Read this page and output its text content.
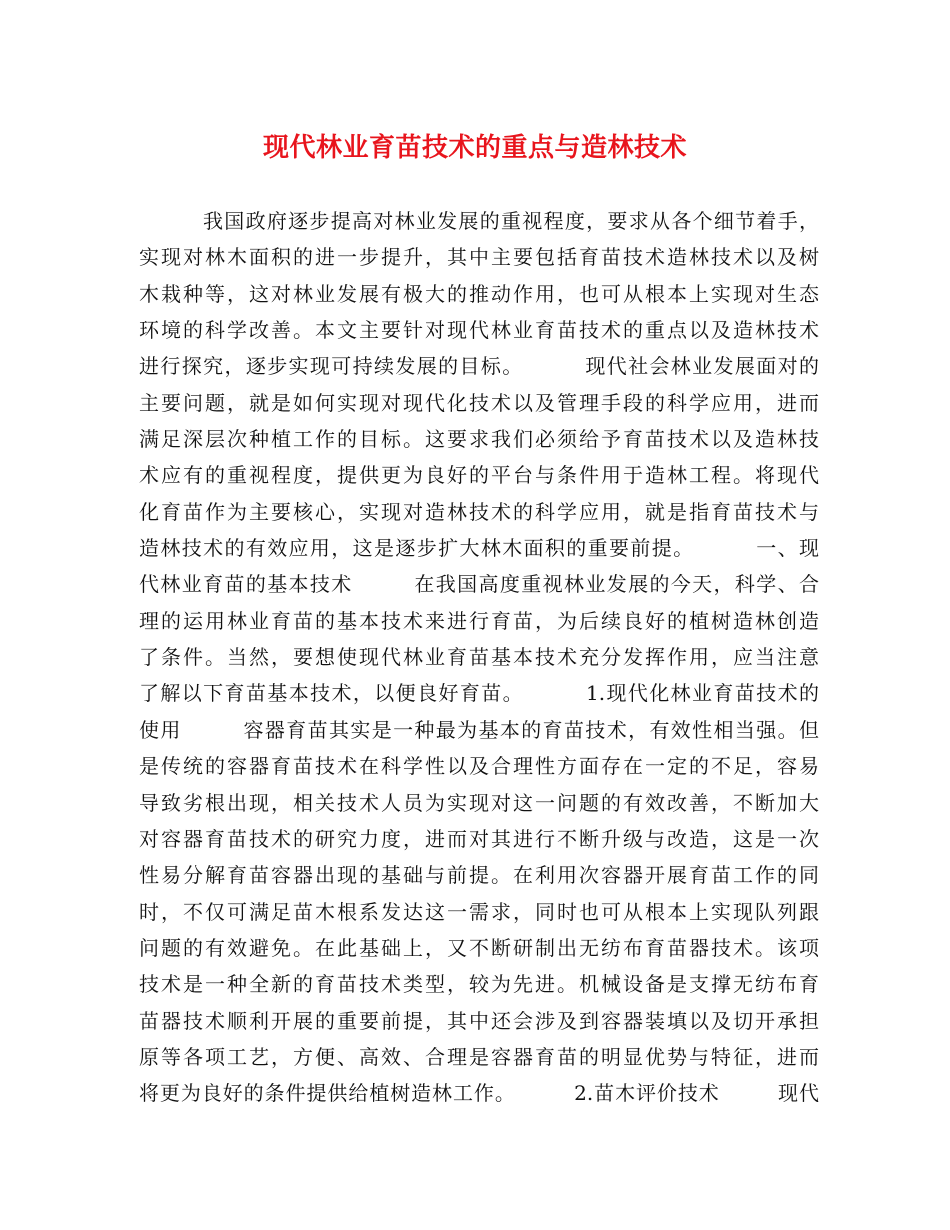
现代林业育苗技术的重点与造林技术
我国政府逐步提高对林业发展的重视程度，要求从各个细节着手，
实现对林木面积的进一步提升，其中主要包括育苗技术造林技术以及树
木栽种等，这对林业发展有极大的推动作用，也可从根本上实现对生态
环境的科学改善。本文主要针对现代林业育苗技术的重点以及造林技术
进行探究，逐步实现可持续发展的目标。        现代社会林业发展面对的
主要问题，就是如何实现对现代化技术以及管理手段的科学应用，进而
满足深层次种植工作的目标。这要求我们必须给予育苗技术以及造林技
术应有的重视程度，提供更为良好的平台与条件用于造林工程。将现代
化育苗作为主要核心，实现对造林技术的科学应用，就是指育苗技术与
造林技术的有效应用，这是逐步扩大林木面积的重要前提。        一、现
代林业育苗的基本技术        在我国高度重视林业发展的今天，科学、合
理的运用林业育苗的基本技术来进行育苗，为后续良好的植树造林创造
了条件。当然，要想使现代林业育苗基本技术充分发挥作用，应当注意
了解以下育苗基本技术，以便良好育苗。        1.现代化林业育苗技术的
使用        容器育苗其实是一种最为基本的育苗技术，有效性相当强。但
是传统的容器育苗技术在科学性以及合理性方面存在一定的不足，容易
导致劣根出现，相关技术人员为实现对这一问题的有效改善，不断加大
对容器育苗技术的研究力度，进而对其进行不断升级与改造，这是一次
性易分解育苗容器出现的基础与前提。在利用次容器开展育苗工作的同
时，不仅可满足苗木根系发达这一需求，同时也可从根本上实现队列跟
问题的有效避免。在此基础上，又不断研制出无纺布育苗器技术。该项
技术是一种全新的育苗技术类型，较为先进。机械设备是支撑无纺布育
苗器技术顺利开展的重要前提，其中还会涉及到容器装填以及切开承担
原等各项工艺，方便、高效、合理是容器育苗的明显优势与特征，进而
将更为良好的条件提供给植树造林工作。        2.苗木评价技术        现代
